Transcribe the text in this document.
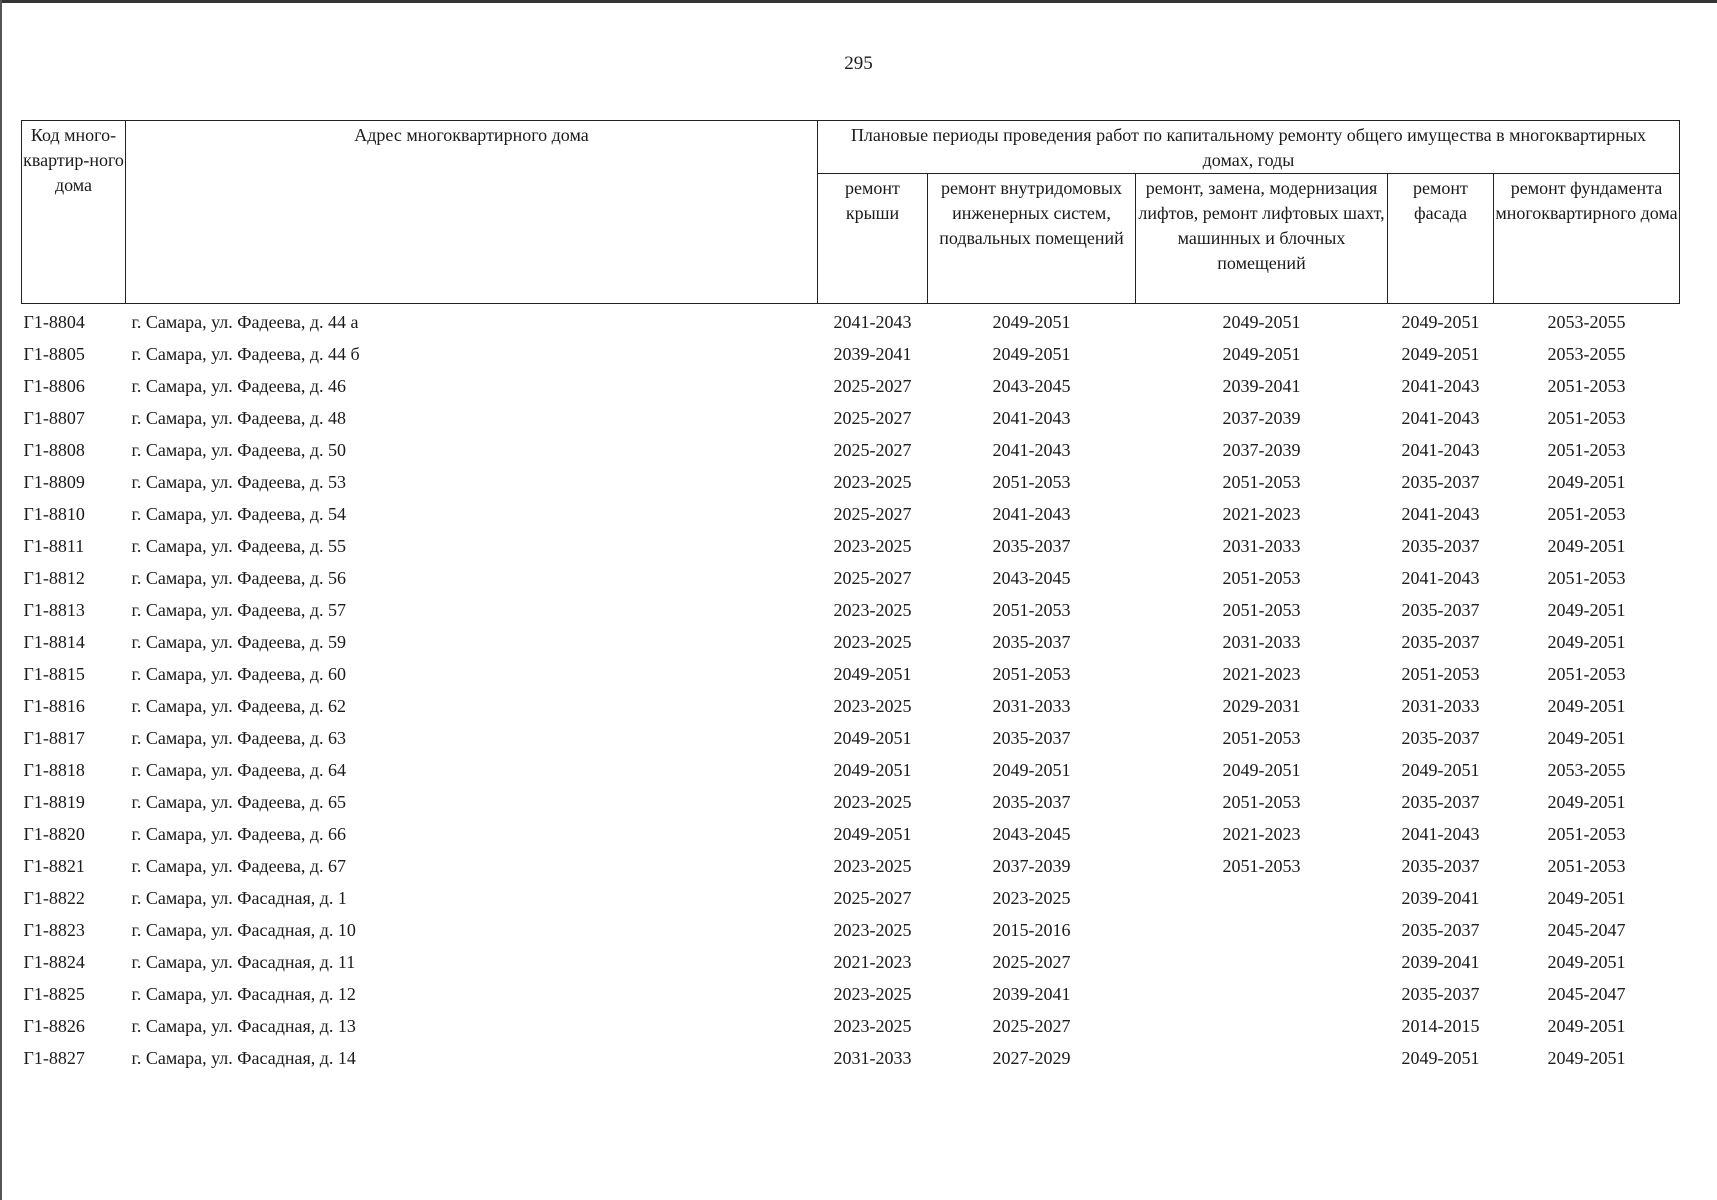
295
Код много-квартир-ного дома	Адрес многоквартирного дома	Плановые периоды проведения работ по капитальному ремонту общего имущества в многоквартирных домах, годы				
		ремонт крыши	ремонт внутридомовых инженерных систем, подвальных помещений	ремонт, замена, модернизация лифтов, ремонт лифтовых шахт, машинных и блочных помещений	ремонт фасада	ремонт фундамента многоквартирного дома
Г1-8804	г. Самара, ул. Фадеева, д. 44 а	2041-2043	2049-2051	2049-2051	2049-2051	2053-2055
Г1-8805	г. Самара, ул. Фадеева, д. 44 б	2039-2041	2049-2051	2049-2051	2049-2051	2053-2055
Г1-8806	г. Самара, ул. Фадеева, д. 46	2025-2027	2043-2045	2039-2041	2041-2043	2051-2053
Г1-8807	г. Самара, ул. Фадеева, д. 48	2025-2027	2041-2043	2037-2039	2041-2043	2051-2053
Г1-8808	г. Самара, ул. Фадеева, д. 50	2025-2027	2041-2043	2037-2039	2041-2043	2051-2053
Г1-8809	г. Самара, ул. Фадеева, д. 53	2023-2025	2051-2053	2051-2053	2035-2037	2049-2051
Г1-8810	г. Самара, ул. Фадеева, д. 54	2025-2027	2041-2043	2021-2023	2041-2043	2051-2053
Г1-8811	г. Самара, ул. Фадеева, д. 55	2023-2025	2035-2037	2031-2033	2035-2037	2049-2051
Г1-8812	г. Самара, ул. Фадеева, д. 56	2025-2027	2043-2045	2051-2053	2041-2043	2051-2053
Г1-8813	г. Самара, ул. Фадеева, д. 57	2023-2025	2051-2053	2051-2053	2035-2037	2049-2051
Г1-8814	г. Самара, ул. Фадеева, д. 59	2023-2025	2035-2037	2031-2033	2035-2037	2049-2051
Г1-8815	г. Самара, ул. Фадеева, д. 60	2049-2051	2051-2053	2021-2023	2051-2053	2051-2053
Г1-8816	г. Самара, ул. Фадеева, д. 62	2023-2025	2031-2033	2029-2031	2031-2033	2049-2051
Г1-8817	г. Самара, ул. Фадеева, д. 63	2049-2051	2035-2037	2051-2053	2035-2037	2049-2051
Г1-8818	г. Самара, ул. Фадеева, д. 64	2049-2051	2049-2051	2049-2051	2049-2051	2053-2055
Г1-8819	г. Самара, ул. Фадеева, д. 65	2023-2025	2035-2037	2051-2053	2035-2037	2049-2051
Г1-8820	г. Самара, ул. Фадеева, д. 66	2049-2051	2043-2045	2021-2023	2041-2043	2051-2053
Г1-8821	г. Самара, ул. Фадеева, д. 67	2023-2025	2037-2039	2051-2053	2035-2037	2051-2053
Г1-8822	г. Самара, ул. Фасадная, д. 1	2025-2027	2023-2025		2039-2041	2049-2051
Г1-8823	г. Самара, ул. Фасадная, д. 10	2023-2025	2015-2016		2035-2037	2045-2047
Г1-8824	г. Самара, ул. Фасадная, д. 11	2021-2023	2025-2027		2039-2041	2049-2051
Г1-8825	г. Самара, ул. Фасадная, д. 12	2023-2025	2039-2041		2035-2037	2045-2047
Г1-8826	г. Самара, ул. Фасадная, д. 13	2023-2025	2025-2027		2014-2015	2049-2051
Г1-8827	г. Самара, ул. Фасадная, д. 14	2031-2033	2027-2029		2049-2051	2049-2051
